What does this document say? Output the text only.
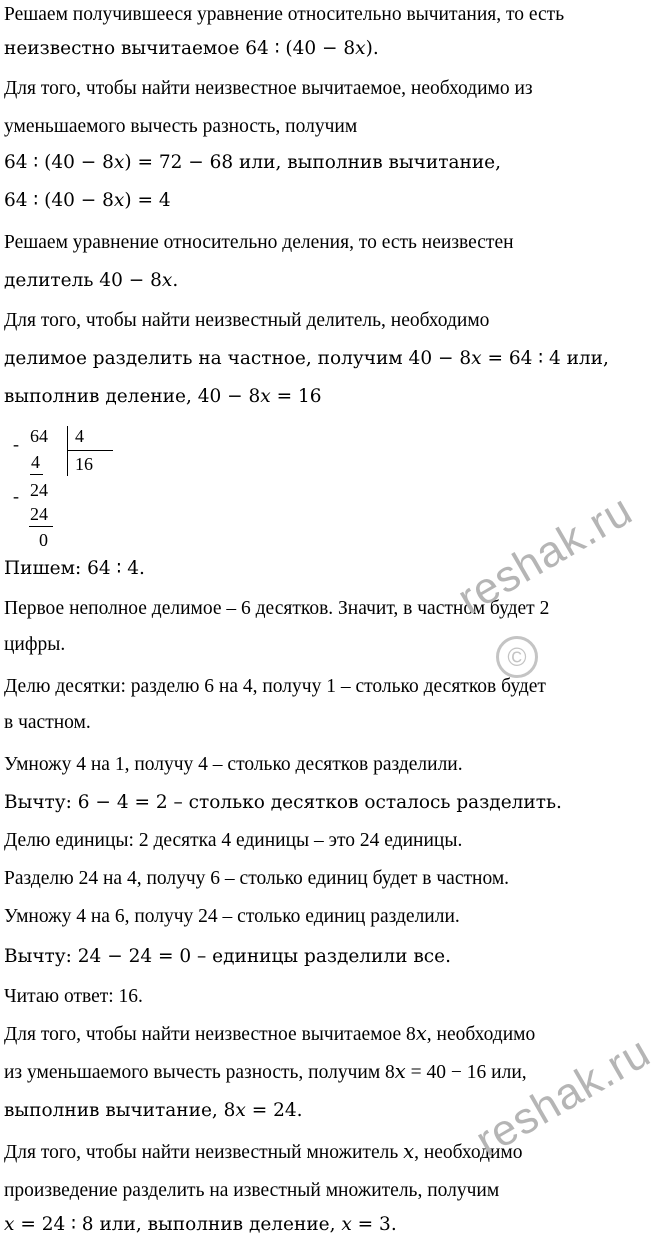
Решаем получившееся уравнение относительно вычитания, то есть
неизвестно вычитаемое 64 ∶ (40 − 8𝑥).
Для того, чтобы найти неизвестное вычитаемое, необходимо из
уменьшаемого вычесть разность, получим
64 ∶ (40 − 8𝑥) = 72 − 68 или, выполнив вычитание,
64 ∶ (40 − 8𝑥) = 4
Решаем уравнение относительно деления, то есть неизвестен
делитель 40 − 8𝑥.
Для того, чтобы найти неизвестный делитель, необходимо
делимое разделить на частное, получим 40 − 8𝑥 = 64 ∶ 4 или,
выполнив деление, 40 − 8𝑥 = 16
- 64 4
16
4
- 24
24
0
Пишем: 64 ∶ 4.
Первое неполное делимое – 6 десятков. Значит, в частном будет 2
цифры.
Делю десятки: разделю 6 на 4, получу 1 – столько десятков будет
в частном.
Умножу 4 на 1, получу 4 – столько десятков разделили.
Вычту: 6 − 4 = 2 – столько десятков осталось разделить.
Делю единицы: 2 десятка 4 единицы – это 24 единицы.
Разделю 24 на 4, получу 6 – столько единиц будет в частном.
Умножу 4 на 6, получу 24 – столько единиц разделили.
Вычту: 24 − 24 = 0 – единицы разделили все.
Читаю ответ: 16.
Для того, чтобы найти неизвестное вычитаемое 8𝑥, необходимо
из уменьшаемого вычесть разность, получим 8𝑥 = 40 − 16 или,
выполнив вычитание, 8𝑥 = 24.
Для того, чтобы найти неизвестный множитель 𝑥, необходимо
произведение разделить на известный множитель, получим
𝑥 = 24 ∶ 8 или, выполнив деление, 𝑥 = 3.
reshak.ru
©
reshak.ru
